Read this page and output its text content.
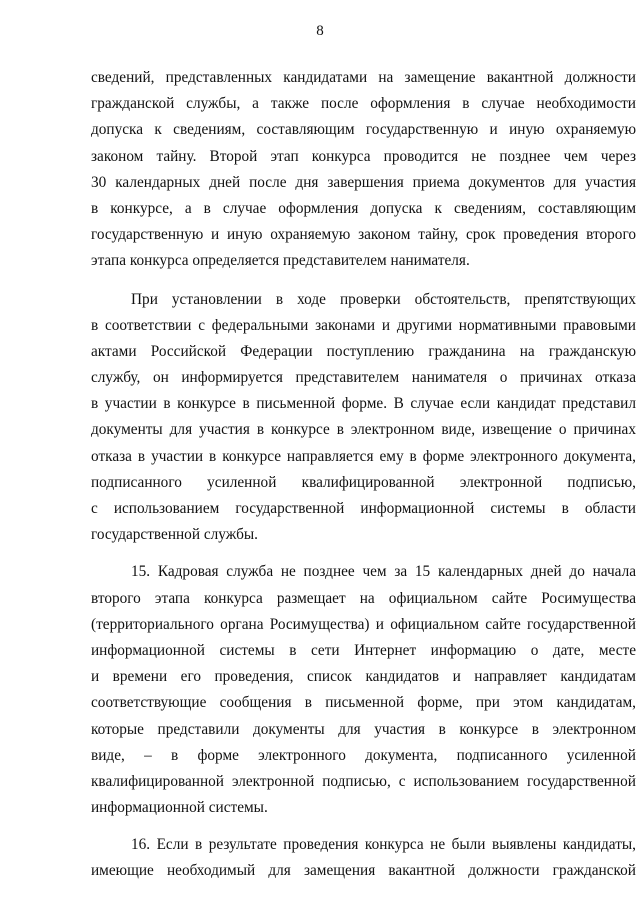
8
сведений, представленных кандидатами на замещение вакантной должности
гражданской службы, а также после оформления в случае необходимости
допуска к сведениям, составляющим государственную и иную охраняемую
законом тайну. Второй этап конкурса проводится не позднее чем через
30 календарных дней после дня завершения приема документов для участия
в конкурсе, а в случае оформления допуска к сведениям, составляющим
государственную и иную охраняемую законом тайну, срок проведения второго
этапа конкурса определяется представителем нанимателя.
При установлении в ходе проверки обстоятельств, препятствующих
в соответствии с федеральными законами и другими нормативными правовыми
актами Российской Федерации поступлению гражданина на гражданскую
службу, он информируется представителем нанимателя о причинах отказа
в участии в конкурсе в письменной форме. В случае если кандидат представил
документы для участия в конкурсе в электронном виде, извещение о причинах
отказа в участии в конкурсе направляется ему в форме электронного документа,
подписанного усиленной квалифицированной электронной подписью,
с использованием государственной информационной системы в области
государственной службы.
15. Кадровая служба не позднее чем за 15 календарных дней до начала
второго этапа конкурса размещает на официальном сайте Росимущества
(территориального органа Росимущества) и официальном сайте государственной
информационной системы в сети Интернет информацию о дате, месте
и времени его проведения, список кандидатов и направляет кандидатам
соответствующие сообщения в письменной форме, при этом кандидатам,
которые представили документы для участия в конкурсе в электронном
виде, – в форме электронного документа, подписанного усиленной
квалифицированной электронной подписью, с использованием государственной
информационной системы.
16. Если в результате проведения конкурса не были выявлены кандидаты,
имеющие необходимый для замещения вакантной должности гражданской
